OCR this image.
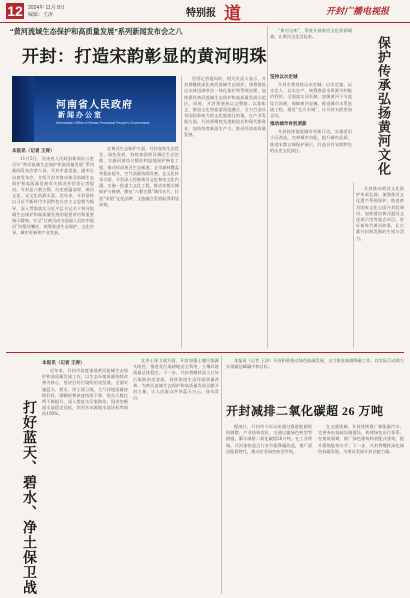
12 2024年 11月 8日
编辑：王涛	特别报 道	开封广播电视报
“黄河流域生态保护和高质量发展”系列新闻发布会之八
开封：打造宋韵彰显的黄河明珠
河南省人民政府
新闻办公室
Information Office of Henan Provincial People's Government
本报讯（记者 王涛）

11月5日，河南省人民政府新闻办公室召开“黄河流域生态保护和高质量发展”系列新闻发布会第八场，开封市委常委、副市长出席发布会，介绍开封市推动黄河流域生态保护和高质量发展有关情况并回答记者提问。开封是八朝古都，历史底蕴深厚，黄河文化、宋文化资源丰富。近年来，开封坚持以习近平新时代中国特色社会主义思想为指导，深入贯彻落实习近平总书记关于黄河流域生态保护和高质量发展的重要讲话和重要指示精神，牢记“让黄河成为造福人民的幸福河”的殷切嘱托，统筹推进生态保护、文化传承、城市更新和产业发展。

在黄河生态保护方面，开封坚持生态优先、绿色发展，持续加强黄河滩区生态治理，实施河道综合整治和湿地保护修复工程，推动形成黄河生态廊道。全市森林覆盖率稳步提升，空气质量持续改善。在文化传承方面，开封深入挖掘黄河文化和宋文化内涵，实施一批重大文化工程，推动宋都古城保护与修缮，擦亮“八朝古都”城市名片，打造“宋韵”文化品牌，文旅融合发展取得明显成效。

回答记者提问时，相关负责人表示，开封将继续深化黄河流域生态保护，统筹推进山水林田湖草沙一体化保护和系统治理，加快建设黄河流域生态保护和高质量发展示范区。同时，开封将坚持以文塑旅、以旅彰文，推进文化和旅游深度融合，全力打造具有国际影响力的文化旅游目的地。在产业发展方面，开封将聚焦先进制造业和现代服务业，加快培育新质生产力，推动经济高质量发展。

坚持以水定城

开封市将坚持以水定城、以水定地、以水定人、以水定产，统筹推进水资源节约集约利用。全面落实河长制，加强黄河干支流综合治理，保障黄河安澜。推进城市水系连通工程，建设“北方水城”，让开封水韵更加灵动。

推动城市有机更新

开封持续推进城市更新行动，实施老旧小区改造，完善城市功能，提升城市品质。推进宋都古城保护展示，打造具有宋韵特色的历史文化街区。

“黄河宝库”，系统开展黄河文化资源调查，让黄河文化活起来。	保护传承弘扬黄河文化

开封推动黄河文化保护传承弘扬，加强黄河文化遗产系统保护，推进黄河国家文化公园开封段建设，加快建设黄河悬河文化展示馆等重点项目，讲好新时代黄河故事，让古都开封焕发新的生机与活力。

打好蓝天、碧水、净土保卫战
本报讯（记者 王涛）

近年来，开封市高度重视黄河流域生态保护和高质量发展工作，以生态环境质量持续改善为核心，坚决打好污染防治攻坚战。全面实施蓝天、碧水、净土保卫战，大气环境质量持续好转，细颗粒物浓度持续下降，优良天数比例不断提升。深入推进水污染防治，国省控断面水质稳定达标，饮用水水源地水质达标率保持100%。

在净土保卫战方面，开封加强土壤污染源头防控，推进受污染耕地安全利用，土壤环境质量总体稳定。下一步，开封将继续深入打好污染防治攻坚战，持续推进生态环境质量改善，为黄河流域生态保护和高质量发展贡献开封力量，让人民群众共享蓝天白云、绿水青山。

本报讯（记者 王涛）开封积极推动绿色低碳发展，全力推进减排降碳工作，以实际行动助力实现碳达峰碳中和目标。

开封减排二氧化碳超 26 万吨

据统计，开封市今年以来通过推进能源结构调整、产业结构优化、交通运输绿色转型等措施，累计减排二氧化碳超26万吨。在工业领域，开封加快重点行业节能降碳改造，推广清洁能源替代，推动企业绿色转型升级。

在交通领域，开封持续推广新能源汽车，完善充电基础设施建设，构建绿色出行体系。在建筑领域，推广绿色建筑和装配式建筑，提升建筑能效水平。下一步，开封将继续深化绿色低碳发展，为建设美丽开封贡献力量。
